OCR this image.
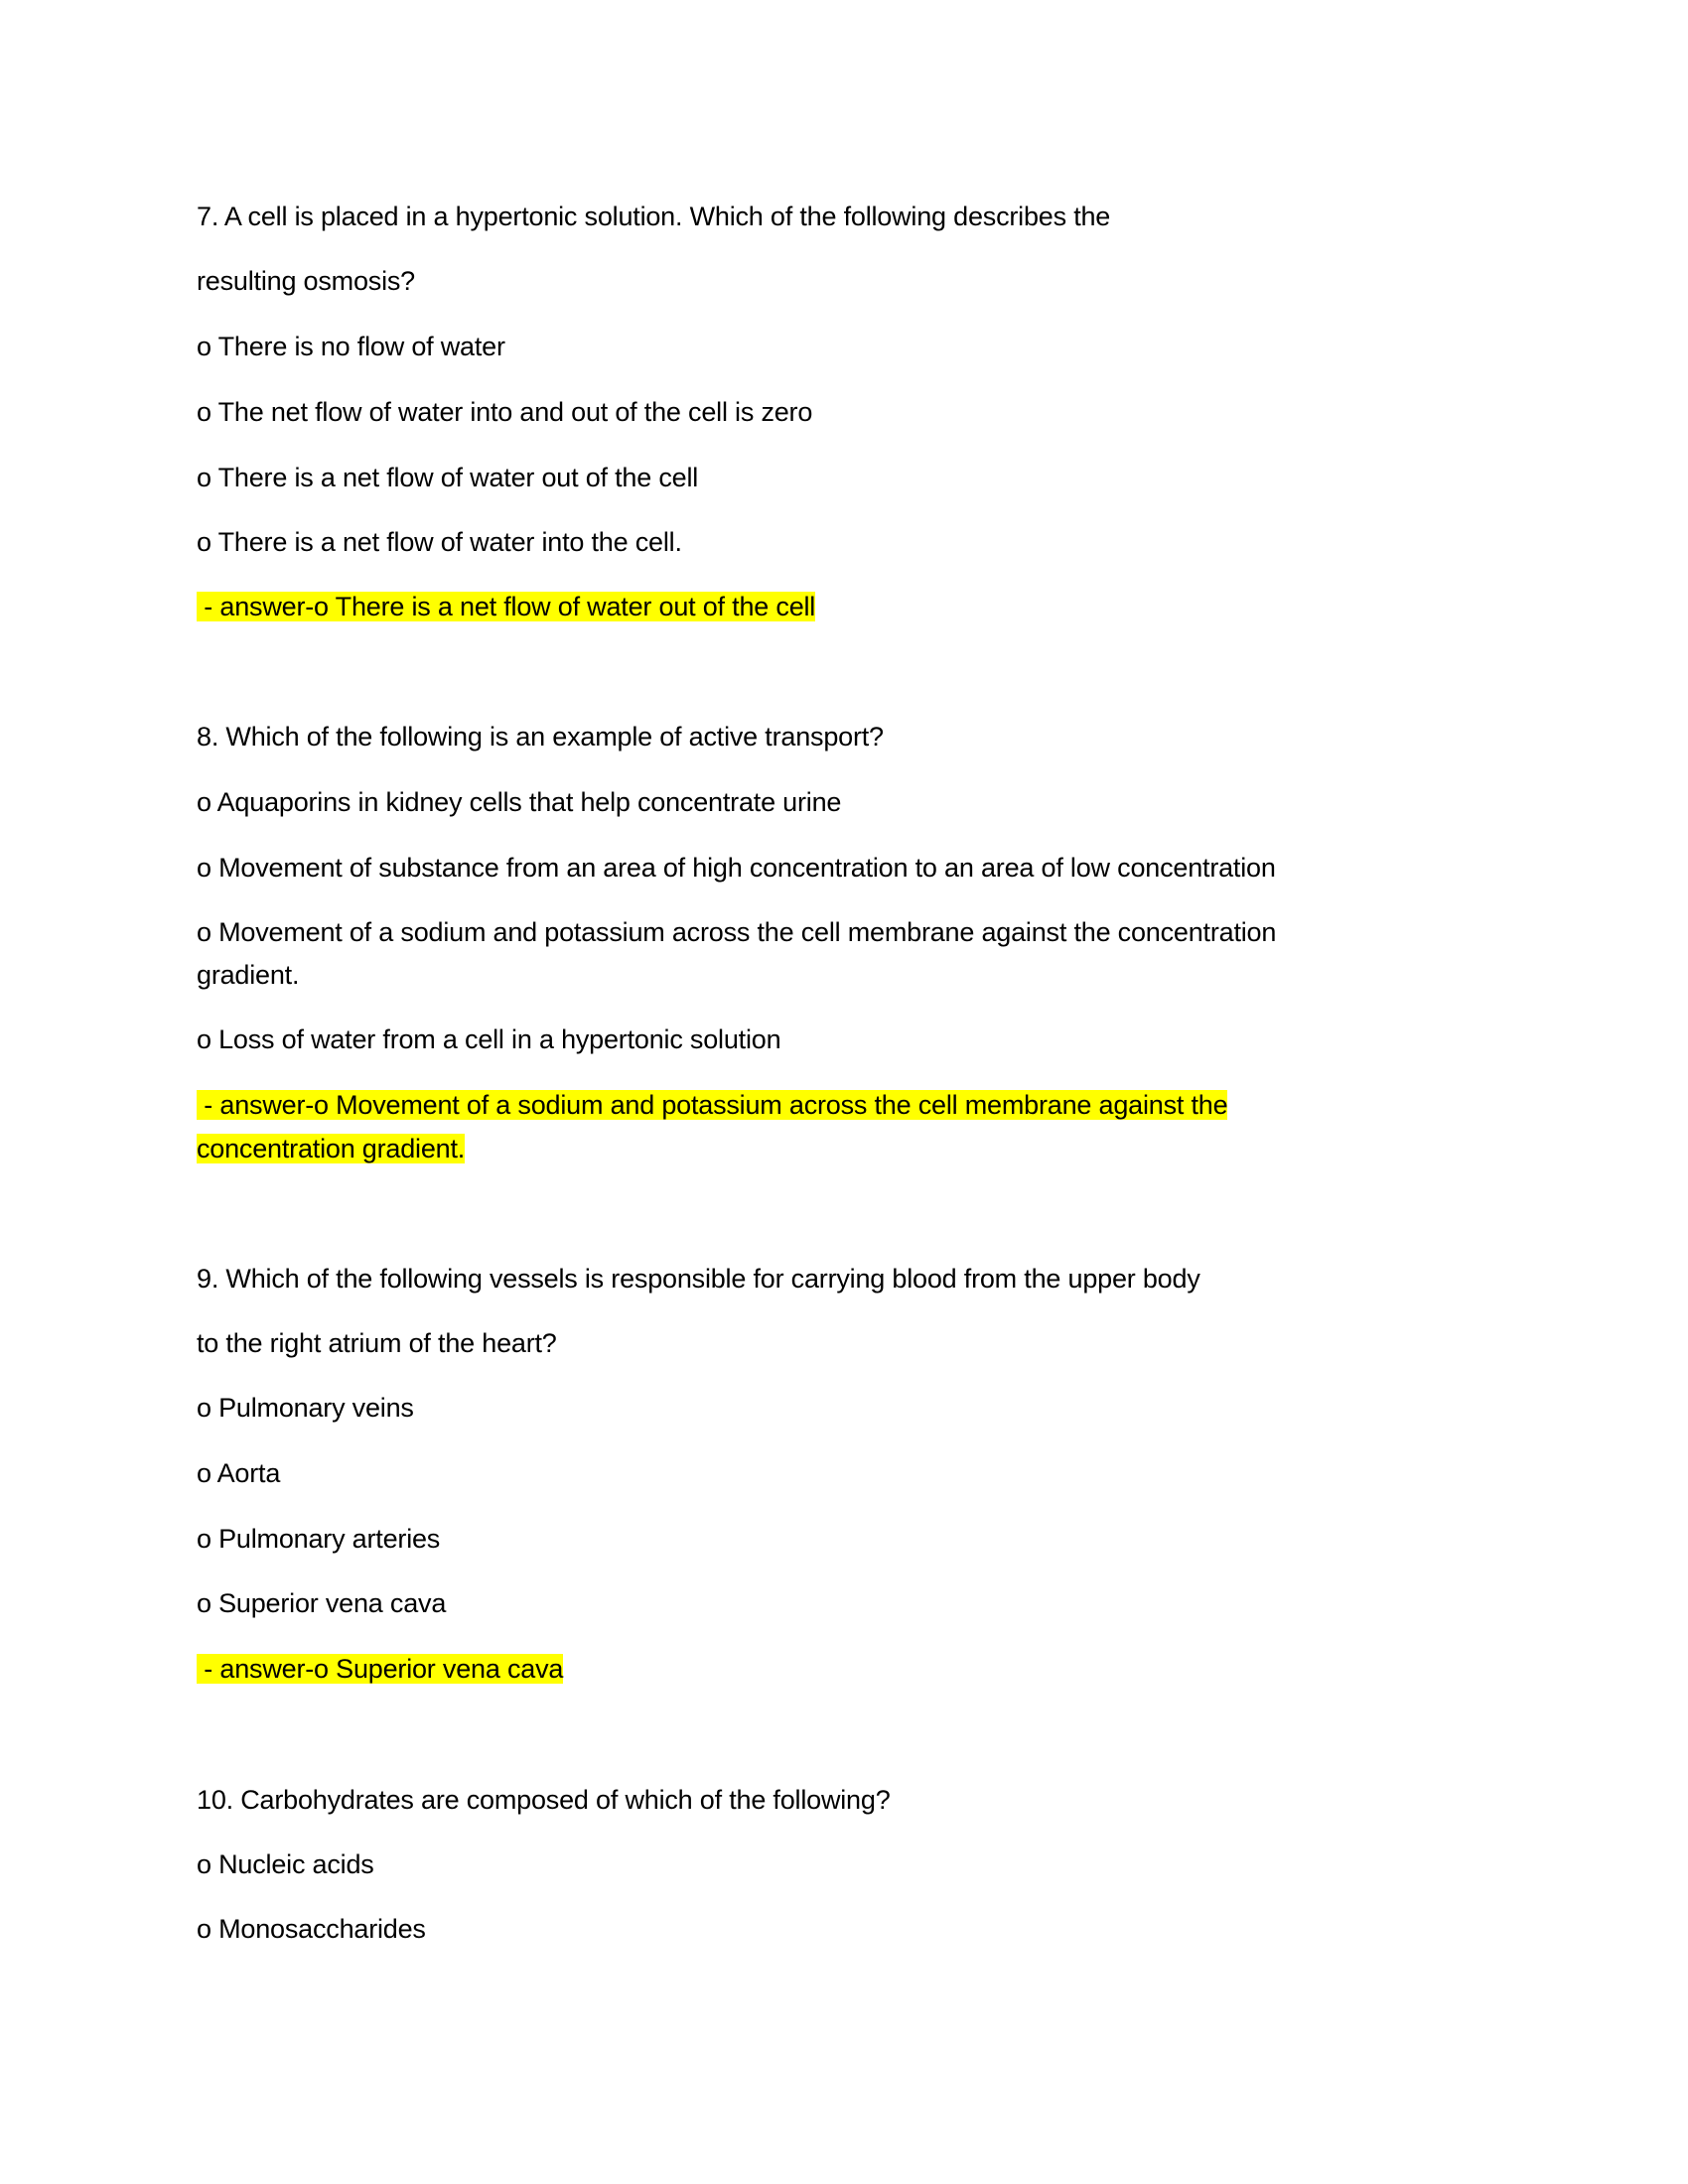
7. A cell is placed in a hypertonic solution. Which of the following describes the
resulting osmosis?
o There is no flow of water
o The net flow of water into and out of the cell is zero
o There is a net flow of water out of the cell
o There is a net flow of water into the cell.
- answer-o There is a net flow of water out of the cell
8. Which of the following is an example of active transport?
o Aquaporins in kidney cells that help concentrate urine
o Movement of substance from an area of high concentration to an area of low concentration
o Movement of a sodium and potassium across the cell membrane against the concentration
gradient.
o Loss of water from a cell in a hypertonic solution
- answer-o Movement of a sodium and potassium across the cell membrane against the
concentration gradient.
9. Which of the following vessels is responsible for carrying blood from the upper body
to the right atrium of the heart?
o Pulmonary veins
o Aorta
o Pulmonary arteries
o Superior vena cava
- answer-o Superior vena cava
10. Carbohydrates are composed of which of the following?
o Nucleic acids
o Monosaccharides
